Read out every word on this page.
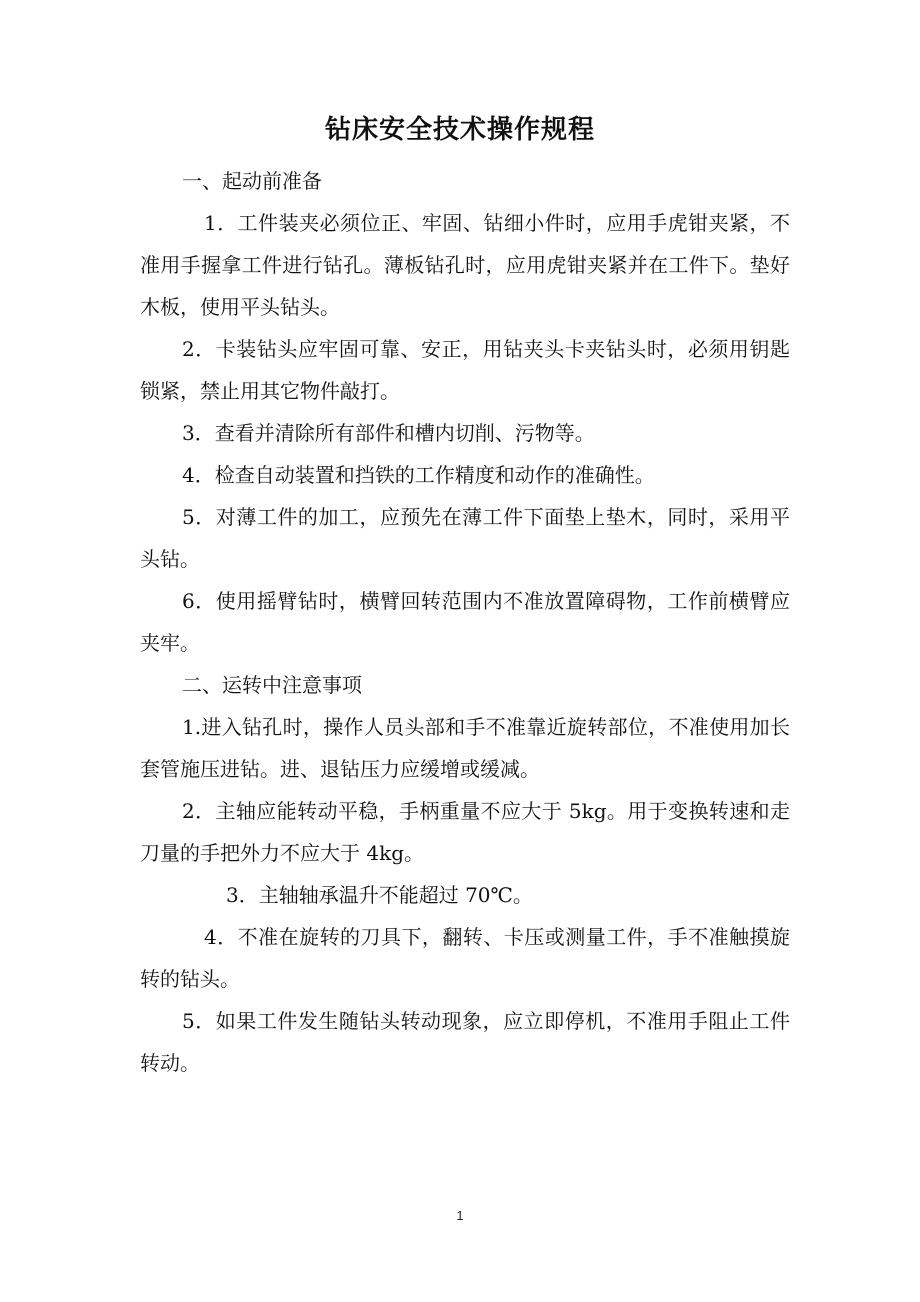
钻床安全技术操作规程

一、起动前准备

1．工件装夹必须位正、牢固、钻细小件时，应用手虎钳夹紧，不准用手握拿工件进行钻孔。薄板钻孔时，应用虎钳夹紧并在工件下。垫好木板，使用平头钻头。

2．卡装钻头应牢固可靠、安正，用钻夹头卡夹钻头时，必须用钥匙锁紧，禁止用其它物件敲打。

3．查看并清除所有部件和槽内切削、污物等。

4．检查自动装置和挡铁的工作精度和动作的准确性。

5．对薄工件的加工，应预先在薄工件下面垫上垫木，同时，采用平头钻。

6．使用摇臂钻时，横臂回转范围内不准放置障碍物，工作前横臂应夹牢。

二、运转中注意事项

1.进入钻孔时，操作人员头部和手不准靠近旋转部位，不准使用加长套管施压进钻。进、退钻压力应缓增或缓减。

2．主轴应能转动平稳，手柄重量不应大于 5kg。用于变换转速和走刀量的手把外力不应大于 4kg。

3．主轴轴承温升不能超过 70℃。

4．不准在旋转的刀具下，翻转、卡压或测量工件，手不准触摸旋转的钻头。

5．如果工件发生随钻头转动现象，应立即停机，不准用手阻止工件转动。

1
